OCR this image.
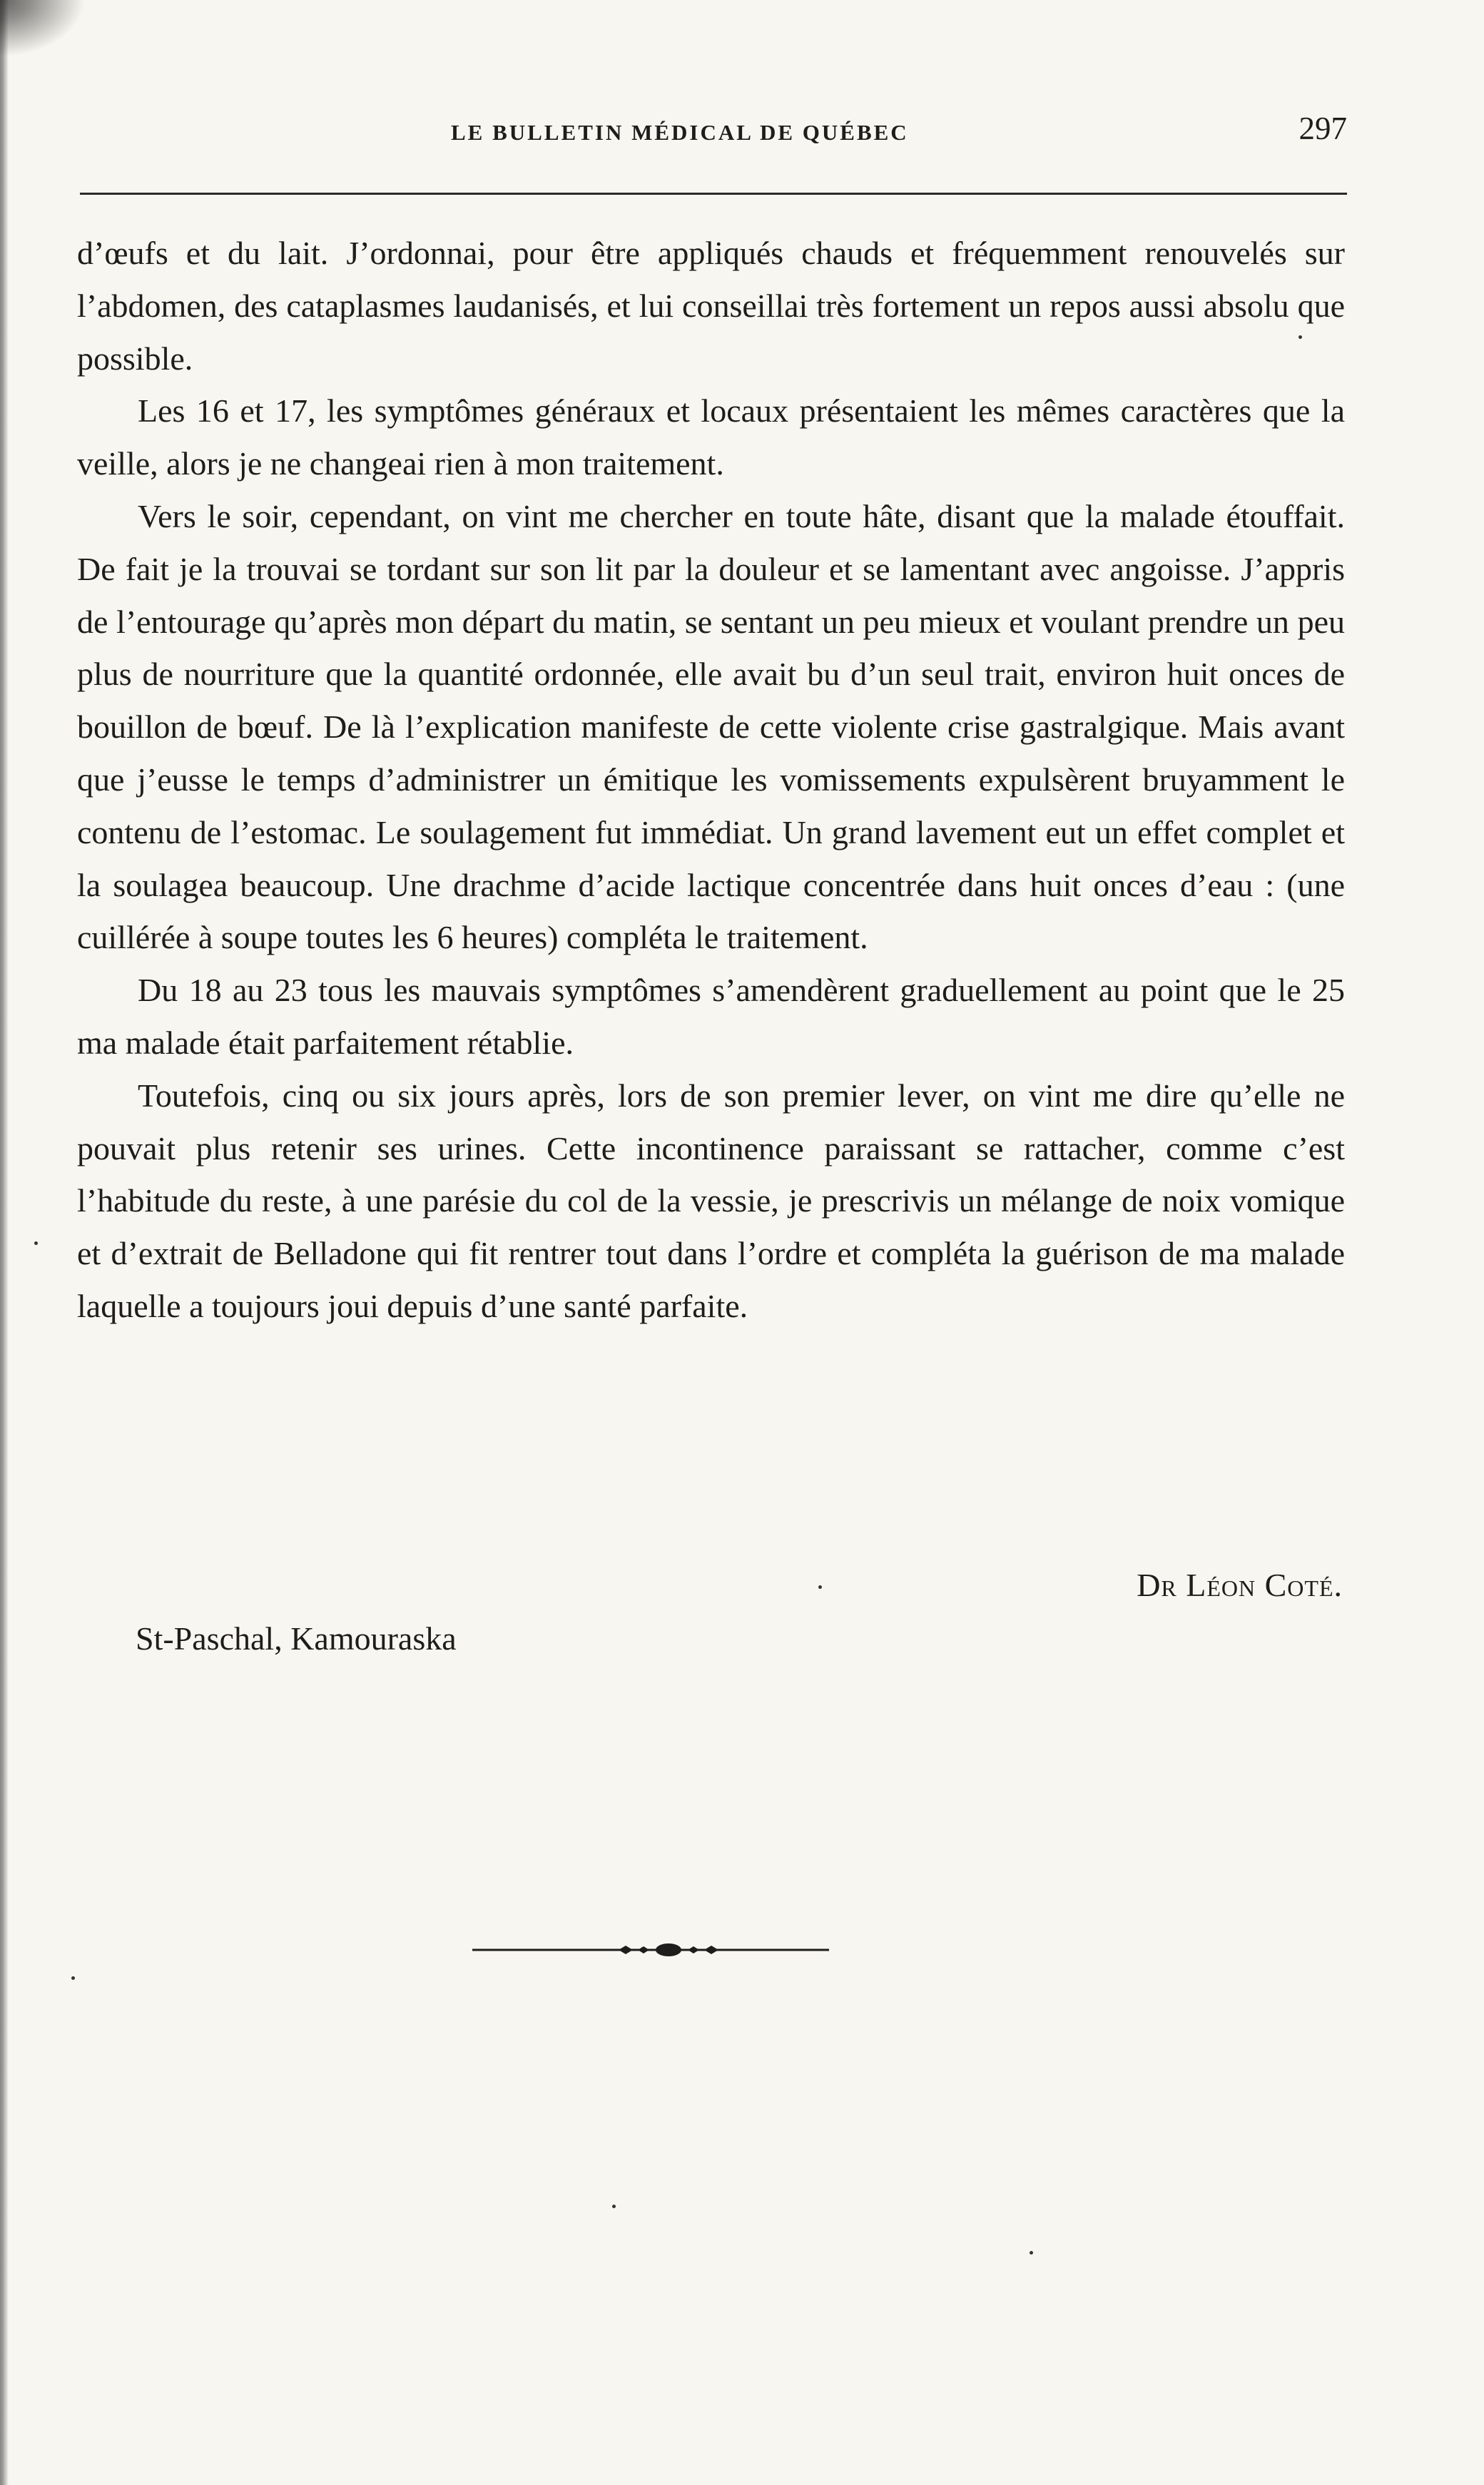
LE BULLETIN MÉDICAL DE QUÉBEC	297

d’œufs et du lait. J’ordonnai, pour être appliqués chauds et fréquemment renouvelés sur l’abdomen, des cataplasmes laudanisés, et lui conseillai très fortement un repos aussi absolu que possible.

Les 16 et 17, les symptômes généraux et locaux présentaient les mêmes caractères que la veille, alors je ne changeai rien à mon traitement.

Vers le soir, cependant, on vint me chercher en toute hâte, disant que la malade étouffait. De fait je la trouvai se tordant sur son lit par la douleur et se lamentant avec angoisse. J’appris de l’entourage qu’après mon départ du matin, se sentant un peu mieux et voulant prendre un peu plus de nourriture que la quantité ordonnée, elle avait bu d’un seul trait, environ huit onces de bouillon de bœuf. De là l’explication manifeste de cette violente crise gastralgique. Mais avant que j’eusse le temps d’administrer un émitique les vomissements expulsèrent bruyamment le contenu de l’estomac. Le soulagement fut immédiat. Un grand lavement eut un effet complet et la soulagea beaucoup. Une drachme d’acide lactique concentrée dans huit onces d’eau : (une cuillérée à soupe toutes les 6 heures) compléta le traitement.

Du 18 au 23 tous les mauvais symptômes s’amendèrent graduellement au point que le 25 ma malade était parfaitement rétablie.

Toutefois, cinq ou six jours après, lors de son premier lever, on vint me dire qu’elle ne pouvait plus retenir ses urines. Cette incontinence paraissant se rattacher, comme c’est l’habitude du reste, à une parésie du col de la vessie, je prescrivis un mélange de noix vomique et d’extrait de Belladone qui fit rentrer tout dans l’ordre et compléta la guérison de ma malade laquelle a toujours joui depuis d’une santé parfaite.

Dr Léon Coté.
St-Paschal, Kamouraska
